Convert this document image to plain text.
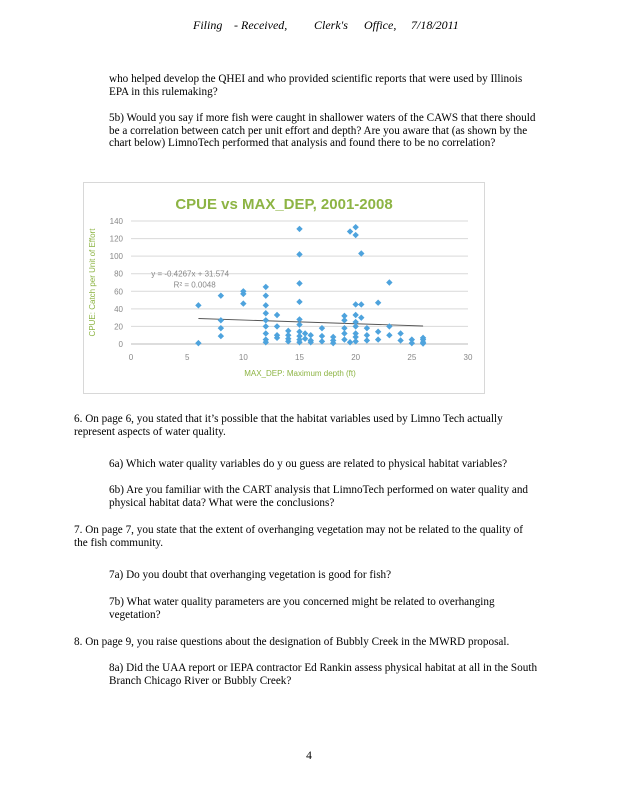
Filing - Received, Clerk's Office, 7/18/2011

who helped develop the QHEI and who provided scientific reports that were used by Illinois EPA in this rulemaking?

5b) Would you say if more fish were caught in shallower waters of the CAWS that there should be a correlation between catch per unit effort and depth? Are you aware that (as shown by the chart below) LimnoTech performed that analysis and found there to be no correlation?

CPUE vs MAX_DEP, 2001-2008
0
20
40
60
80
100
120
140
0	5	10	15	20	25	30
MAX_DEP: Maximum depth (ft)
CPUE: Catch per Unit of Effort	y = -0.4267x + 31.574
R² = 0.0048

6. On page 6, you stated that it’s possible that the habitat variables used by Limno Tech actually represent aspects of water quality.

6a) Which water quality variables do y ou guess are related to physical habitat variables?

6b) Are you familiar with the CART analysis that LimnoTech performed on water quality and physical habitat data? What were the conclusions?

7. On page 7, you state that the extent of overhanging vegetation may not be related to the quality of the fish community.

7a) Do you doubt that overhanging vegetation is good for fish?

7b) What water quality parameters are you concerned might be related to overhanging vegetation?

8. On page 9, you raise questions about the designation of Bubbly Creek in the MWRD proposal.

8a) Did the UAA report or IEPA contractor Ed Rankin assess physical habitat at all in the South Branch Chicago River or Bubbly Creek?

4
